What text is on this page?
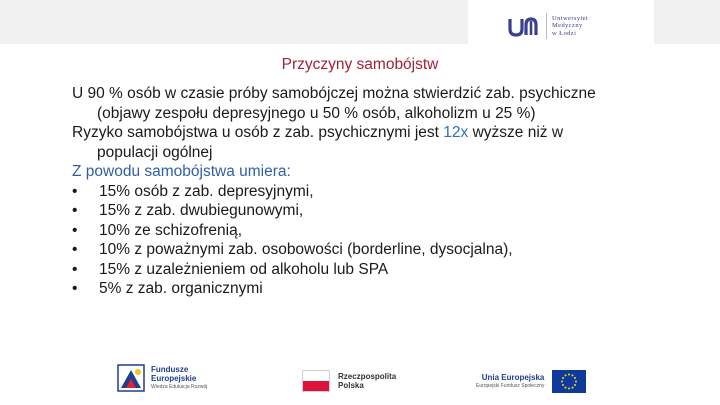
Uniwersytet
Medyczny
w Łodzi
Przyczyny samobójstw

U 90 % osób w czasie próby samobójczej można stwierdzić zab. psychiczne
(objawy zespołu depresyjnego u 50 % osób, alkoholizm u 25 %)

Ryzyko samobójstwa u osób z zab. psychicznymi jest 12x wyższe niż w
populacji ogólnej

Z powodu samobójstwa umiera:

• 15% osób z zab. depresyjnymi,
• 15% z zab. dwubiegunowymi,
• 10% ze schizofrenią,
• 10% z poważnymi zab. osobowości (borderline, dysocjalna),
• 15% z uzależnieniem od alkoholu lub SPA
• 5% z zab. organicznymi
Fundusze
Europejskie
Wiedza Edukacja Rozwój
Rzeczpospolita
Polska
Unia Europejska
Europejski Fundusz Społeczny
